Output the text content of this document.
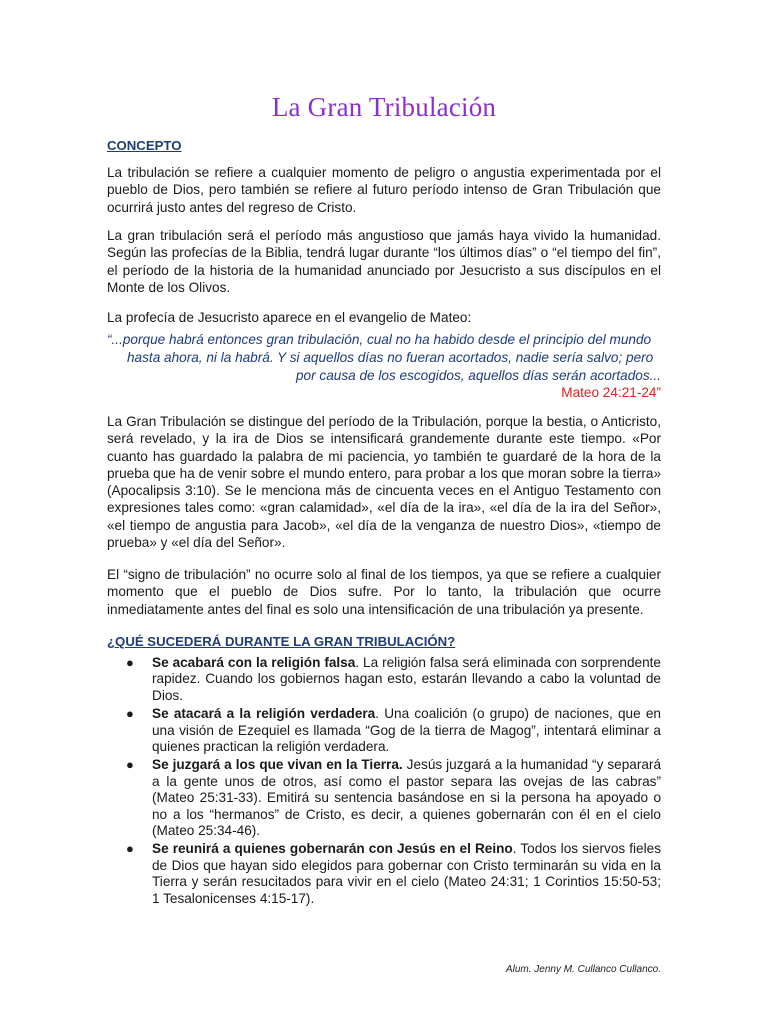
La Gran Tribulación
CONCEPTO
La tribulación se refiere a cualquier momento de peligro o angustia experimentada por el pueblo de Dios, pero también se refiere al futuro período intenso de Gran Tribulación que ocurrirá justo antes del regreso de Cristo.
La gran tribulación será el período más angustioso que jamás haya vivido la humanidad. Según las profecías de la Biblia, tendrá lugar durante “los últimos días” o “el tiempo del fin”, el período de la historia de la humanidad anunciado por Jesucristo a sus discípulos en el Monte de los Olivos.
La profecía de Jesucristo aparece en el evangelio de Mateo:
“...porque habrá entonces gran tribulación, cual no ha habido desde el principio del mundo
hasta ahora, ni la habrá. Y si aquellos días no fueran acortados, nadie sería salvo; pero
por causa de los escogidos, aquellos días serán acortados...
Mateo 24:21-24”
La Gran Tribulación se distingue del período de la Tribulación, porque la bestia, o Anticristo, será revelado, y la ira de Dios se intensificará grandemente durante este tiempo. «Por cuanto has guardado la palabra de mi paciencia, yo también te guardaré de la hora de la prueba que ha de venir sobre el mundo entero, para probar a los que moran sobre la tierra» (Apocalipsis 3:10). Se le menciona más de cincuenta veces en el Antiguo Testamento con expresiones tales como: «gran calamidad», «el día de la ira», «el día de la ira del Señor», «el tiempo de angustia para Jacob», «el día de la venganza de nuestro Dios», «tiempo de prueba» y «el día del Señor».
El “signo de tribulación” no ocurre solo al final de los tiempos, ya que se refiere a cualquier momento que el pueblo de Dios sufre. Por lo tanto, la tribulación que ocurre inmediatamente antes del final es solo una intensificación de una tribulación ya presente.
¿QUÉ SUCEDERÁ DURANTE LA GRAN TRIBULACIÓN?
● Se acabará con la religión falsa. La religión falsa será eliminada con sorprendente rapidez. Cuando los gobiernos hagan esto, estarán llevando a cabo la voluntad de Dios.
● Se atacará a la religión verdadera. Una coalición (o grupo) de naciones, que en una visión de Ezequiel es llamada “Gog de la tierra de Magog”, intentará eliminar a quienes practican la religión verdadera.
● Se juzgará a los que vivan en la Tierra. Jesús juzgará a la humanidad “y separará a la gente unos de otros, así como el pastor separa las ovejas de las cabras” (Mateo 25:31-33). Emitirá su sentencia basándose en si la persona ha apoyado o no a los “hermanos” de Cristo, es decir, a quienes gobernarán con él en el cielo (Mateo 25:34-46).
● Se reunirá a quienes gobernarán con Jesús en el Reino. Todos los siervos fieles de Dios que hayan sido elegidos para gobernar con Cristo terminarán su vida en la Tierra y serán resucitados para vivir en el cielo (Mateo 24:31; 1 Corintios 15:50-53; 1 Tesalonicenses 4:15-17).
Alum. Jenny M. Cullanco Cullanco.
